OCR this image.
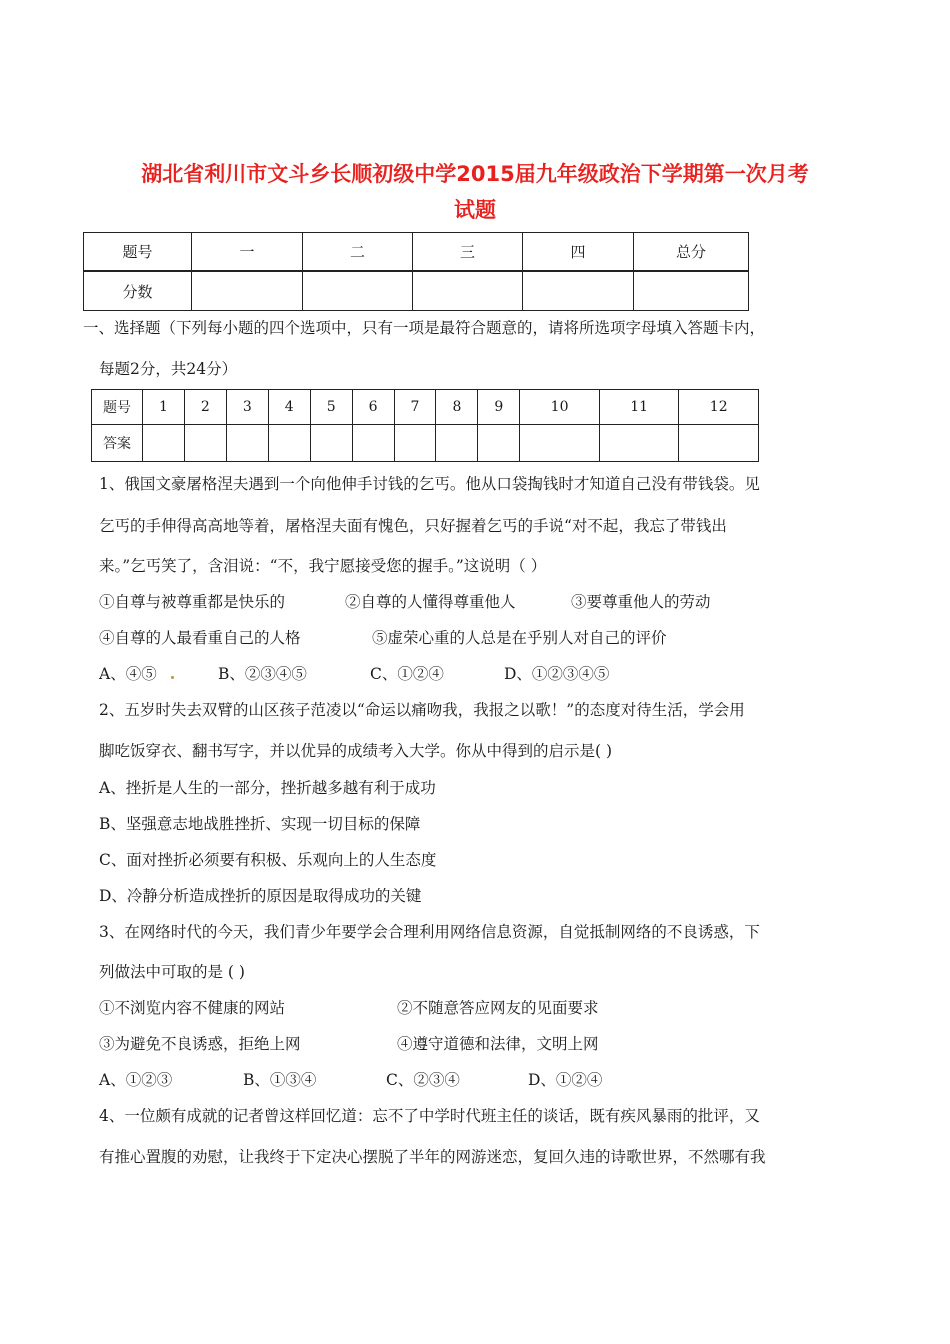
湖北省利川市文斗乡长顺初级中学2015届九年级政治下学期第一次月考
试题
题号	一	二	三	四	总分
分数					
一、选择题（下列每小题的四个选项中，只有一项是最符合题意的，请将所选项字母填入答题卡内，
每题2分，共24分）
题号	1	2	3	4	5	6	7	8	9	10	11	12
答案												
1、俄国文豪屠格涅夫遇到一个向他伸手讨钱的乞丐。他从口袋掏钱时才知道自己没有带钱袋。见
乞丐的手伸得高高地等着，屠格涅夫面有愧色，只好握着乞丐的手说“对不起，我忘了带钱出
来。”乞丐笑了，含泪说：“不，我宁愿接受您的握手。”这说明（ ）
①自尊与被尊重都是快乐的	②自尊的人懂得尊重他人	③要尊重他人的劳动
④自尊的人最看重自己的人格	⑤虚荣心重的人总是在乎别人对自己的评价
A、④⑤	B、②③④⑤	C、①②④	D、①②③④⑤
2、五岁时失去双臂的山区孩子范凌以“命运以痛吻我，我报之以歌！”的态度对待生活，学会用
脚吃饭穿衣、翻书写字，并以优异的成绩考入大学。你从中得到的启示是( )
A、挫折是人生的一部分，挫折越多越有利于成功
B、坚强意志地战胜挫折、实现一切目标的保障
C、面对挫折必须要有积极、乐观向上的人生态度
D、冷静分析造成挫折的原因是取得成功的关键
3、在网络时代的今天，我们青少年要学会合理利用网络信息资源，自觉抵制网络的不良诱惑，下
列做法中可取的是 ( )
①不浏览内容不健康的网站	②不随意答应网友的见面要求
③为避免不良诱惑，拒绝上网	④遵守道德和法律，文明上网
A、①②③	B、①③④	C、②③④	D、①②④
4、一位颇有成就的记者曾这样回忆道：忘不了中学时代班主任的谈话，既有疾风暴雨的批评，又
有推心置腹的劝慰，让我终于下定决心摆脱了半年的网游迷恋，复回久违的诗歌世界，不然哪有我
